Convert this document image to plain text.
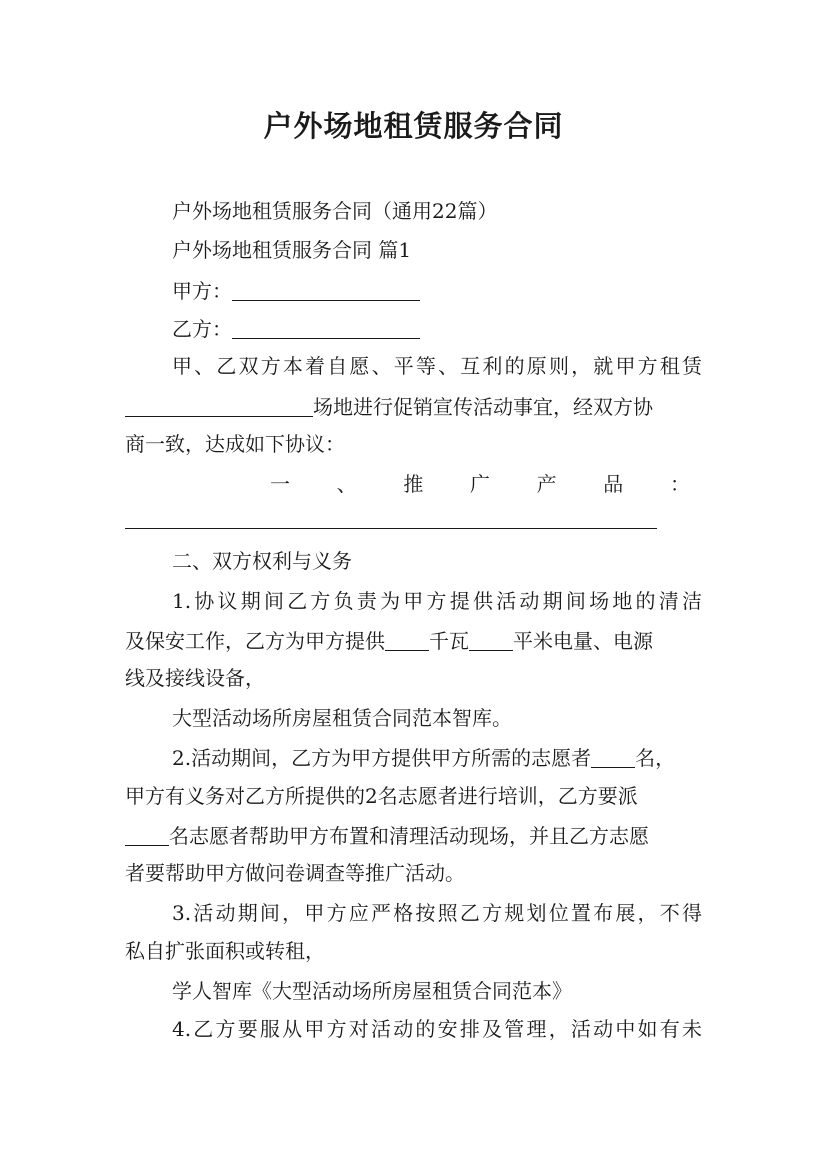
户外场地租赁服务合同

户外场地租赁服务合同（通用22篇）

户外场地租赁服务合同 篇1

甲方：

乙方：

甲、乙双方本着自愿、平等、互利的原则，就甲方租赁

场地进行促销宣传活动事宜，经双方协

商一致，达成如下协议：

一 、 推 广 产 品 ：

二、双方权利与义务

1.协议期间乙方负责为甲方提供活动期间场地的清洁

及保安工作，乙方为甲方提供 千瓦 平米电量、电源

线及接线设备，

大型活动场所房屋租赁合同范本智库。

2.活动期间，乙方为甲方提供甲方所需的志愿者 名，

甲方有义务对乙方所提供的2名志愿者进行培训，乙方要派

名志愿者帮助甲方布置和清理活动现场，并且乙方志愿

者要帮助甲方做问卷调查等推广活动。

3.活动期间，甲方应严格按照乙方规划位置布展，不得

私自扩张面积或转租，

学人智库《大型活动场所房屋租赁合同范本》

4.乙方要服从甲方对活动的安排及管理，活动中如有未
